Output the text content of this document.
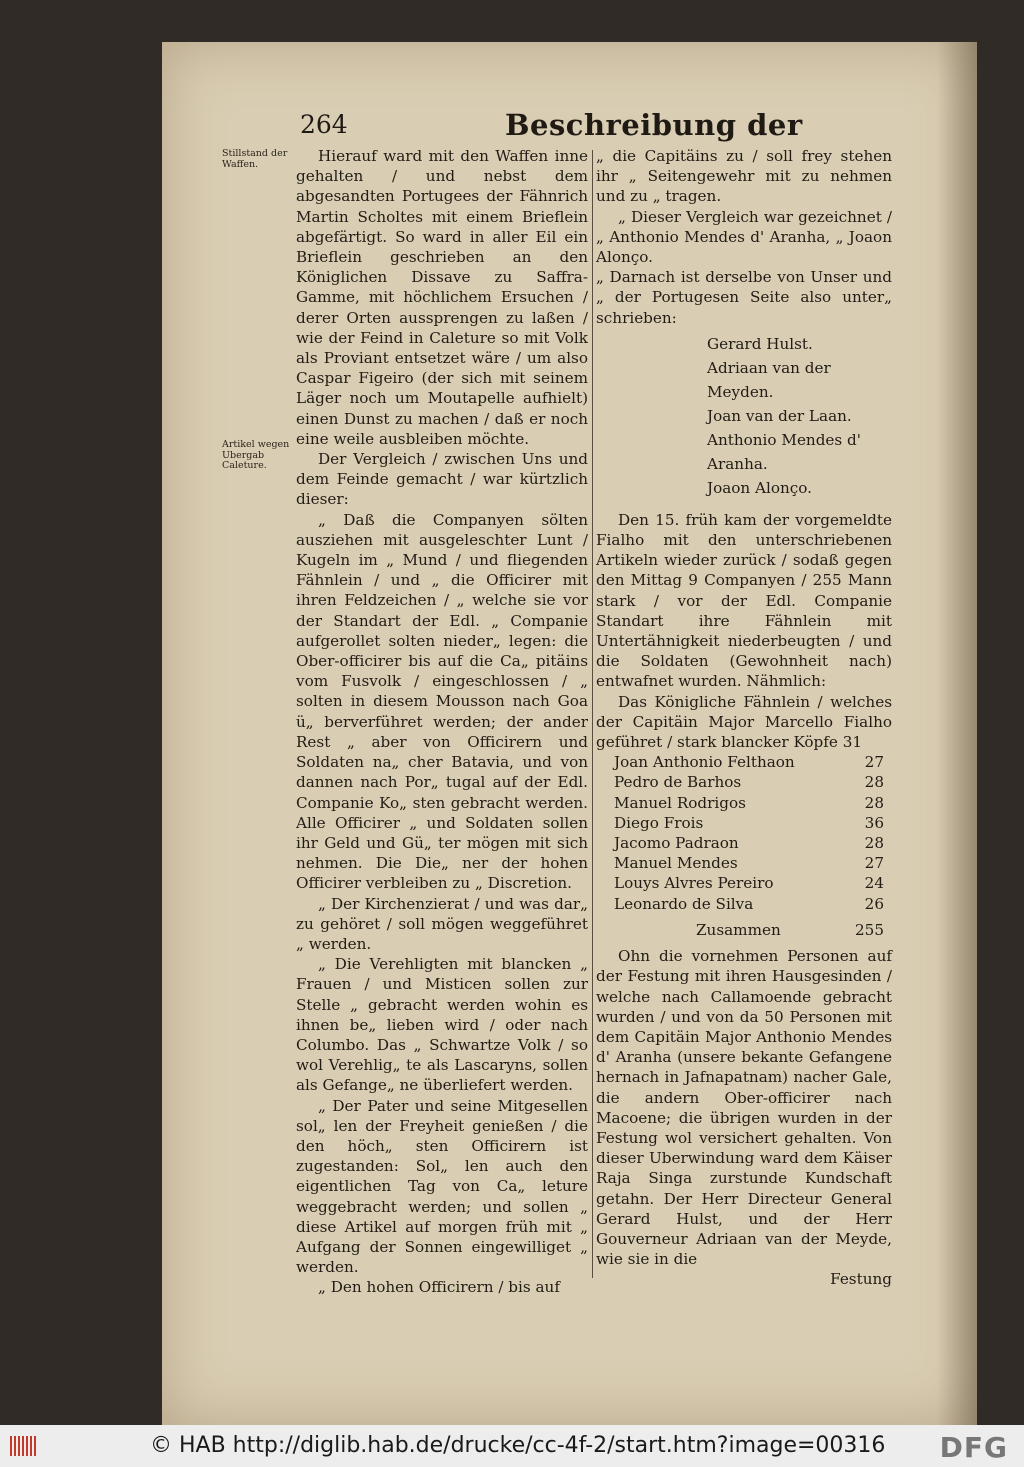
264	Beschreibung der
Stillstand der Waffen.
Artikel wegen Ubergab Caleture.

Hierauf ward mit den Waffen inne gehalten / und nebst dem abgesandten Portugees der Fähnrich Martin Scholtes mit einem Brieflein abgefärtigt. So ward in aller Eil ein Brieflein geschrieben an den Königlichen Dissave zu Saffra-Gamme, mit höchlichem Ersuchen / derer Orten aussprengen zu laßen / wie der Feind in Caleture so mit Volk als Proviant entsetzet wäre / um also Caspar Figeiro (der sich mit seinem Läger noch um Moutapelle aufhielt) einen Dunst zu machen / daß er noch eine weile ausbleiben möchte.

Der Vergleich / zwischen Uns und dem Feinde gemacht / war kürtzlich dieser:

„ Daß die Companyen sölten ausziehen mit ausgeleschter Lunt / Kugeln im „ Mund / und fliegenden Fähnlein / und „ die Officirer mit ihren Feldzeichen / „ welche sie vor der Standart der Edl. „ Companie aufgerollet solten nieder„ legen: die Ober-officirer bis auf die Ca„ pitäins vom Fusvolk / eingeschlossen / „ solten in diesem Mousson nach Goa ü„ berverführet werden; der ander Rest „ aber von Officirern und Soldaten na„ cher Batavia, und von dannen nach Por„ tugal auf der Edl. Companie Ko„ sten gebracht werden. Alle Officirer „ und Soldaten sollen ihr Geld und Gü„ ter mögen mit sich nehmen. Die Die„ ner der hohen Officirer verbleiben zu „ Discretion.

„ Der Kirchenzierat / und was dar„ zu gehöret / soll mögen weggeführet „ werden.

„ Die Verehligten mit blancken „ Frauen / und Misticen sollen zur Stelle „ gebracht werden wohin es ihnen be„ lieben wird / oder nach Columbo. Das „ Schwartze Volk / so wol Verehlig„ te als Lascaryns, sollen als Gefange„ ne überliefert werden.

„ Der Pater und seine Mitgesellen sol„ len der Freyheit genießen / die den höch„ sten Officirern ist zugestanden: Sol„ len auch den eigentlichen Tag von Ca„ leture weggebracht werden; und sollen „ diese Artikel auf morgen früh mit „ Aufgang der Sonnen eingewilliget „ werden.

„ Den hohen Officirern / bis auf

„ die Capitäins zu / soll frey stehen ihr „ Seitengewehr mit zu nehmen und zu „ tragen.

„ Dieser Vergleich war gezeichnet / „ Anthonio Mendes d' Aranha, „ Joaon Alonço.

„ Darnach ist derselbe von Unser und „ der Portugesen Seite also unter„ schrieben:

Gerard Hulst.
Adriaan van der Meyden.
Joan van der Laan.
Anthonio Mendes d' Aranha.
Joaon Alonço.

Den 15. früh kam der vorgemeldte Fialho mit den unterschriebenen Artikeln wieder zurück / sodaß gegen den Mittag 9 Companyen / 255 Mann stark / vor der Edl. Companie Standart ihre Fähnlein mit Untertähnigkeit niederbeugten / und die Soldaten (Gewohnheit nach) entwafnet wurden. Nähmlich:

Das Königliche Fähnlein / welches der Capitäin Major Marcello Fialho geführet / stark blancker Köpfe 31

Joan Anthonio Felthaon	27
Pedro de Barhos	28
Manuel Rodrigos	28
Diego Frois	36
Jacomo Padraon	28
Manuel Mendes	27
Louys Alvres Pereiro	24
Leonardo de Silva	26
Zusammen	255

Ohn die vornehmen Personen auf der Festung mit ihren Hausgesinden / welche nach Callamoende gebracht wurden / und von da 50 Personen mit dem Capitäin Major Anthonio Mendes d' Aranha (unsere bekante Gefangene hernach in Jafnapatnam) nacher Gale, die andern Ober-officirer nach Macoene; die übrigen wurden in der Festung wol versichert gehalten. Von dieser Uberwindung ward dem Käiser Raja Singa zurstunde Kundschaft getahn. Der Herr Directeur General Gerard Hulst, und der Herr Gouverneur Adriaan van der Meyde, wie sie in die

Festung

© HAB http://diglib.hab.de/drucke/cc-4f-2/start.htm?image=00316 DFG
